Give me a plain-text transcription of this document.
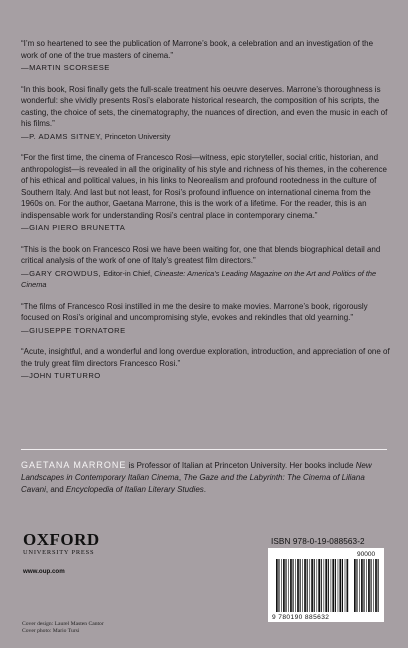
“I’m so heartened to see the publication of Marrone’s book, a celebration and an investigation of the work of one of the true masters of cinema.”
—MARTIN SCORSESE
“In this book, Rosi finally gets the full-scale treatment his oeuvre deserves. Marrone’s thoroughness is wonderful: she vividly presents Rosi’s elaborate historical research, the composition of his scripts, the casting, the choice of sets, the cinematography, the nuances of direction, and even the music in each of his films.”
—P. ADAMS SITNEY, Princeton University
“For the first time, the cinema of Francesco Rosi—witness, epic storyteller, social critic, historian, and anthropologist—is revealed in all the originality of his style and richness of his themes, in the coherence of his ethical and political values, in his links to Neorealism and profound rootedness in the culture of Southern Italy. And last but not least, for Rosi’s profound influence on international cinema from the 1960s on. For the author, Gaetana Marrone, this is the work of a lifetime. For the reader, this is an indispensable work for understanding Rosi’s central place in contemporary cinema.”
—GIAN PIERO BRUNETTA
“This is the book on Francesco Rosi we have been waiting for, one that blends biographical detail and critical analysis of the work of one of Italy’s greatest film directors.”
—GARY CROWDUS, Editor-in Chief, Cineaste: America’s Leading Magazine on the Art and Politics of the Cinema
“The films of Francesco Rosi instilled in me the desire to make movies. Marrone’s book, rigorously focused on Rosi’s original and uncompromising style, evokes and rekindles that old yearning.”
—GIUSEPPE TORNATORE
“Acute, insightful, and a wonderful and long overdue exploration, introduction, and appreciation of one of the truly great film directors Francesco Rosi.”
—JOHN TURTURRO
GAETANA MARRONE is Professor of Italian at Princeton University. Her books include New Landscapes in Contemporary Italian Cinema, The Gaze and the Labyrinth: The Cinema of Liliana Cavani, and Encyclopedia of Italian Literary Studies.
OXFORD
UNIVERSITY PRESS
www.oup.com
Cover design: Laurel Masten Cantor
Cover photo: Mario Tursi
ISBN 978-0-19-088563-2
90000
9 780190 885632
